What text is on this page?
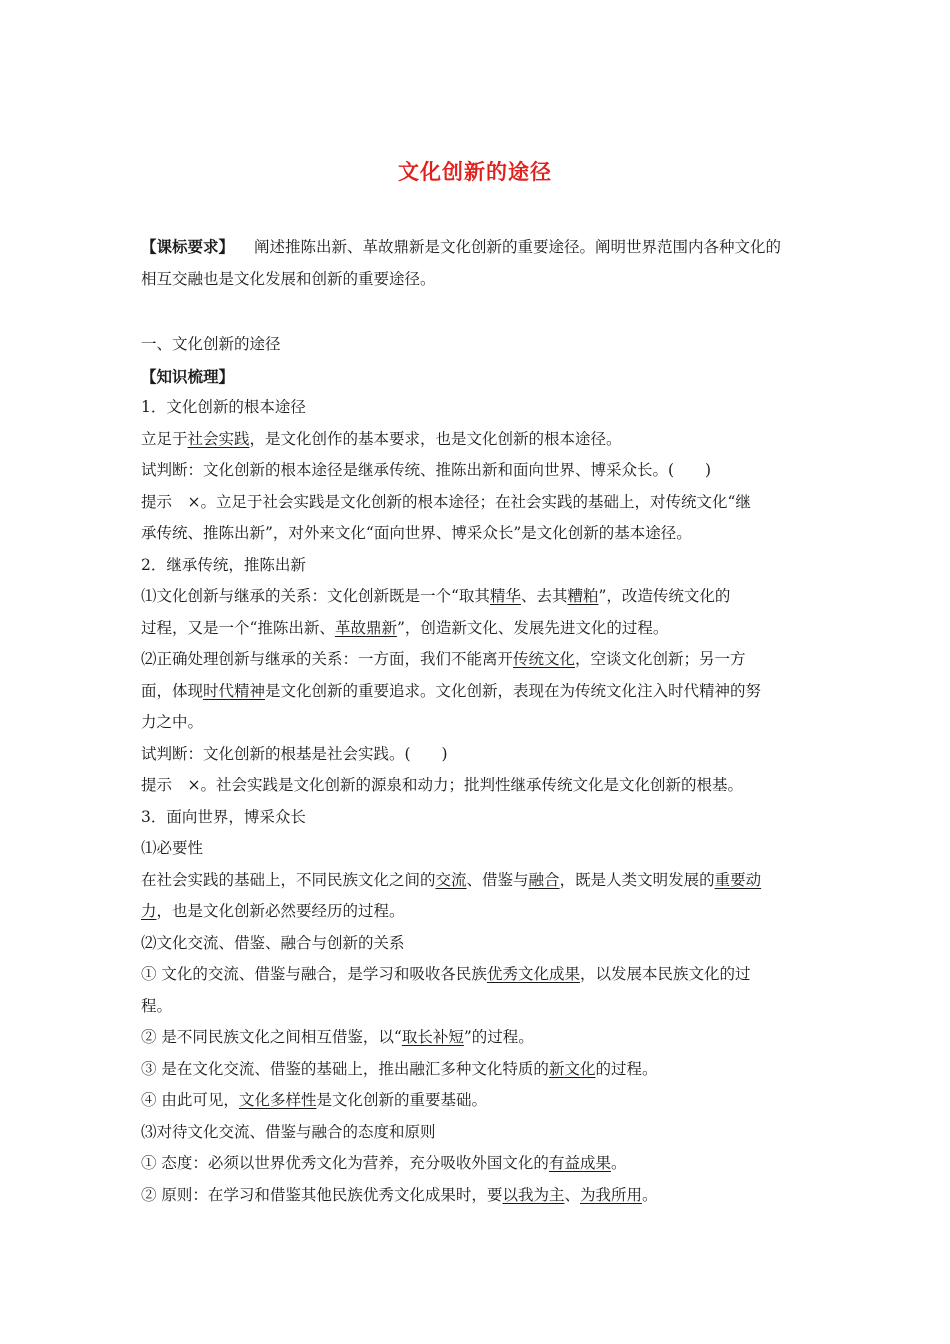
文化创新的途径

【课标要求】 阐述推陈出新、革故鼎新是文化创新的重要途径。阐明世界范围内各种文化的

相互交融也是文化发展和创新的重要途径。

一、文化创新的途径

【知识梳理】

1．文化创新的根本途径

立足于社会实践，是文化创作的基本要求，也是文化创新的根本途径。

试判断：文化创新的根本途径是继承传统、推陈出新和面向世界、博采众长。(　　)

提示　×。立足于社会实践是文化创新的根本途径；在社会实践的基础上，对传统文化“继

承传统、推陈出新”，对外来文化“面向世界、博采众长”是文化创新的基本途径。

2．继承传统，推陈出新

⑴文化创新与继承的关系：文化创新既是一个“取其精华、去其糟粕”，改造传统文化的

过程，又是一个“推陈出新、革故鼎新”，创造新文化、发展先进文化的过程。

⑵正确处理创新与继承的关系：一方面，我们不能离开传统文化，空谈文化创新；另一方

面，体现时代精神是文化创新的重要追求。文化创新，表现在为传统文化注入时代精神的努

力之中。

试判断：文化创新的根基是社会实践。(　　)

提示　×。社会实践是文化创新的源泉和动力；批判性继承传统文化是文化创新的根基。

3．面向世界，博采众长

⑴必要性

在社会实践的基础上，不同民族文化之间的交流、借鉴与融合，既是人类文明发展的重要动

力，也是文化创新必然要经历的过程。

⑵文化交流、借鉴、融合与创新的关系

① 文化的交流、借鉴与融合，是学习和吸收各民族优秀文化成果，以发展本民族文化的过

程。

② 是不同民族文化之间相互借鉴，以“取长补短”的过程。

③ 是在文化交流、借鉴的基础上，推出融汇多种文化特质的新文化的过程。

④ 由此可见，文化多样性是文化创新的重要基础。

⑶对待文化交流、借鉴与融合的态度和原则

① 态度：必须以世界优秀文化为营养，充分吸收外国文化的有益成果。

② 原则：在学习和借鉴其他民族优秀文化成果时，要以我为主、为我所用。
